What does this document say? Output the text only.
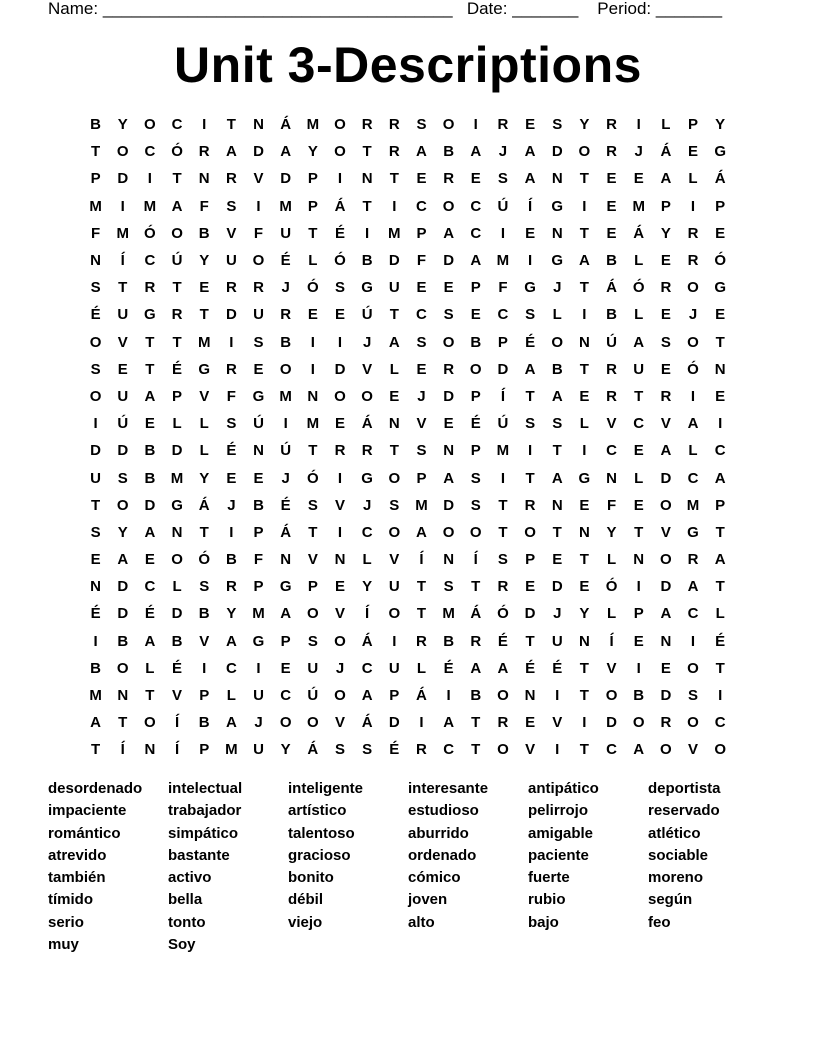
Name: _____________________________________ Date: _______ Period: _______
Unit 3-Descriptions
B	Y	O	C	I	T	N	Á	M	O	R	R	S	O	I	R	E	S	Y	R	I	L	P	Y
T	O	C	Ó	R	A	D	A	Y	O	T	R	A	B	A	J	A	D	O	R	J	Á	E	G
P	D	I	T	N	R	V	D	P	I	N	T	E	R	E	S	A	N	T	E	E	A	L	Á
M	I	M	A	F	S	I	M	P	Á	T	I	C	O	C	Ú	Í	G	I	E	M	P	I	P
F	M	Ó	O	B	V	F	U	T	É	I	M	P	A	C	I	E	N	T	E	Á	Y	R	E
N	Í	C	Ú	Y	U	O	É	L	Ó	B	D	F	D	A	M	I	G	A	B	L	E	R	Ó
S	T	R	T	E	R	R	J	Ó	S	G	U	E	E	P	F	G	J	T	Á	Ó	R	O	G
É	U	G	R	T	D	U	R	E	E	Ú	T	C	S	E	C	S	L	I	B	L	E	J	E
O	V	T	T	M	I	S	B	I	I	J	A	S	O	B	P	É	O	N	Ú	A	S	O	T
S	E	T	É	G	R	E	O	I	D	V	L	E	R	O	D	A	B	T	R	U	E	Ó	N
O	U	A	P	V	F	G	M	N	O	O	E	J	D	P	Í	T	A	E	R	T	R	I	E
I	Ú	E	L	L	S	Ú	I	M	E	Á	N	V	E	É	Ú	S	S	L	V	C	V	A	I
D	D	B	D	L	É	N	Ú	T	R	R	T	S	N	P	M	I	T	I	C	E	A	L	C
U	S	B	M	Y	E	E	J	Ó	I	G	O	P	A	S	I	T	A	G	N	L	D	C	A
T	O	D	G	Á	J	B	É	S	V	J	S	M	D	S	T	R	N	E	F	E	O	M	P
S	Y	A	N	T	I	P	Á	T	I	C	O	A	O	O	T	O	T	N	Y	T	V	G	T
E	A	E	O	Ó	B	F	N	V	N	L	V	Í	N	Í	S	P	E	T	L	N	O	R	A
N	D	C	L	S	R	P	G	P	E	Y	U	T	S	T	R	E	D	E	Ó	I	D	A	T
É	D	É	D	B	Y	M	A	O	V	Í	O	T	M	Á	Ó	D	J	Y	L	P	A	C	L
I	B	A	B	V	A	G	P	S	O	Á	I	R	B	R	É	T	U	N	Í	E	N	I	É
B	O	L	É	I	C	I	E	U	J	C	U	L	É	A	A	É	É	T	V	I	E	O	T
M	N	T	V	P	L	U	C	Ú	O	A	P	Á	I	B	O	N	I	T	O	B	D	S	I
A	T	O	Í	B	A	J	O	O	V	Á	D	I	A	T	R	E	V	I	D	O	R	O	C
T	Í	N	Í	P	M	U	Y	Á	S	S	É	R	C	T	O	V	I	T	C	A	O	V	O
desordenado	intelectual	inteligente	interesante	antipático	deportista
impaciente	trabajador	artístico	estudioso	pelirrojo	reservado
romántico	simpático	talentoso	aburrido	amigable	atlético
atrevido	bastante	gracioso	ordenado	paciente	sociable
también	activo	bonito	cómico	fuerte	moreno
tímido	bella	débil	joven	rubio	según
serio	tonto	viejo	alto	bajo	feo
muy	Soy
